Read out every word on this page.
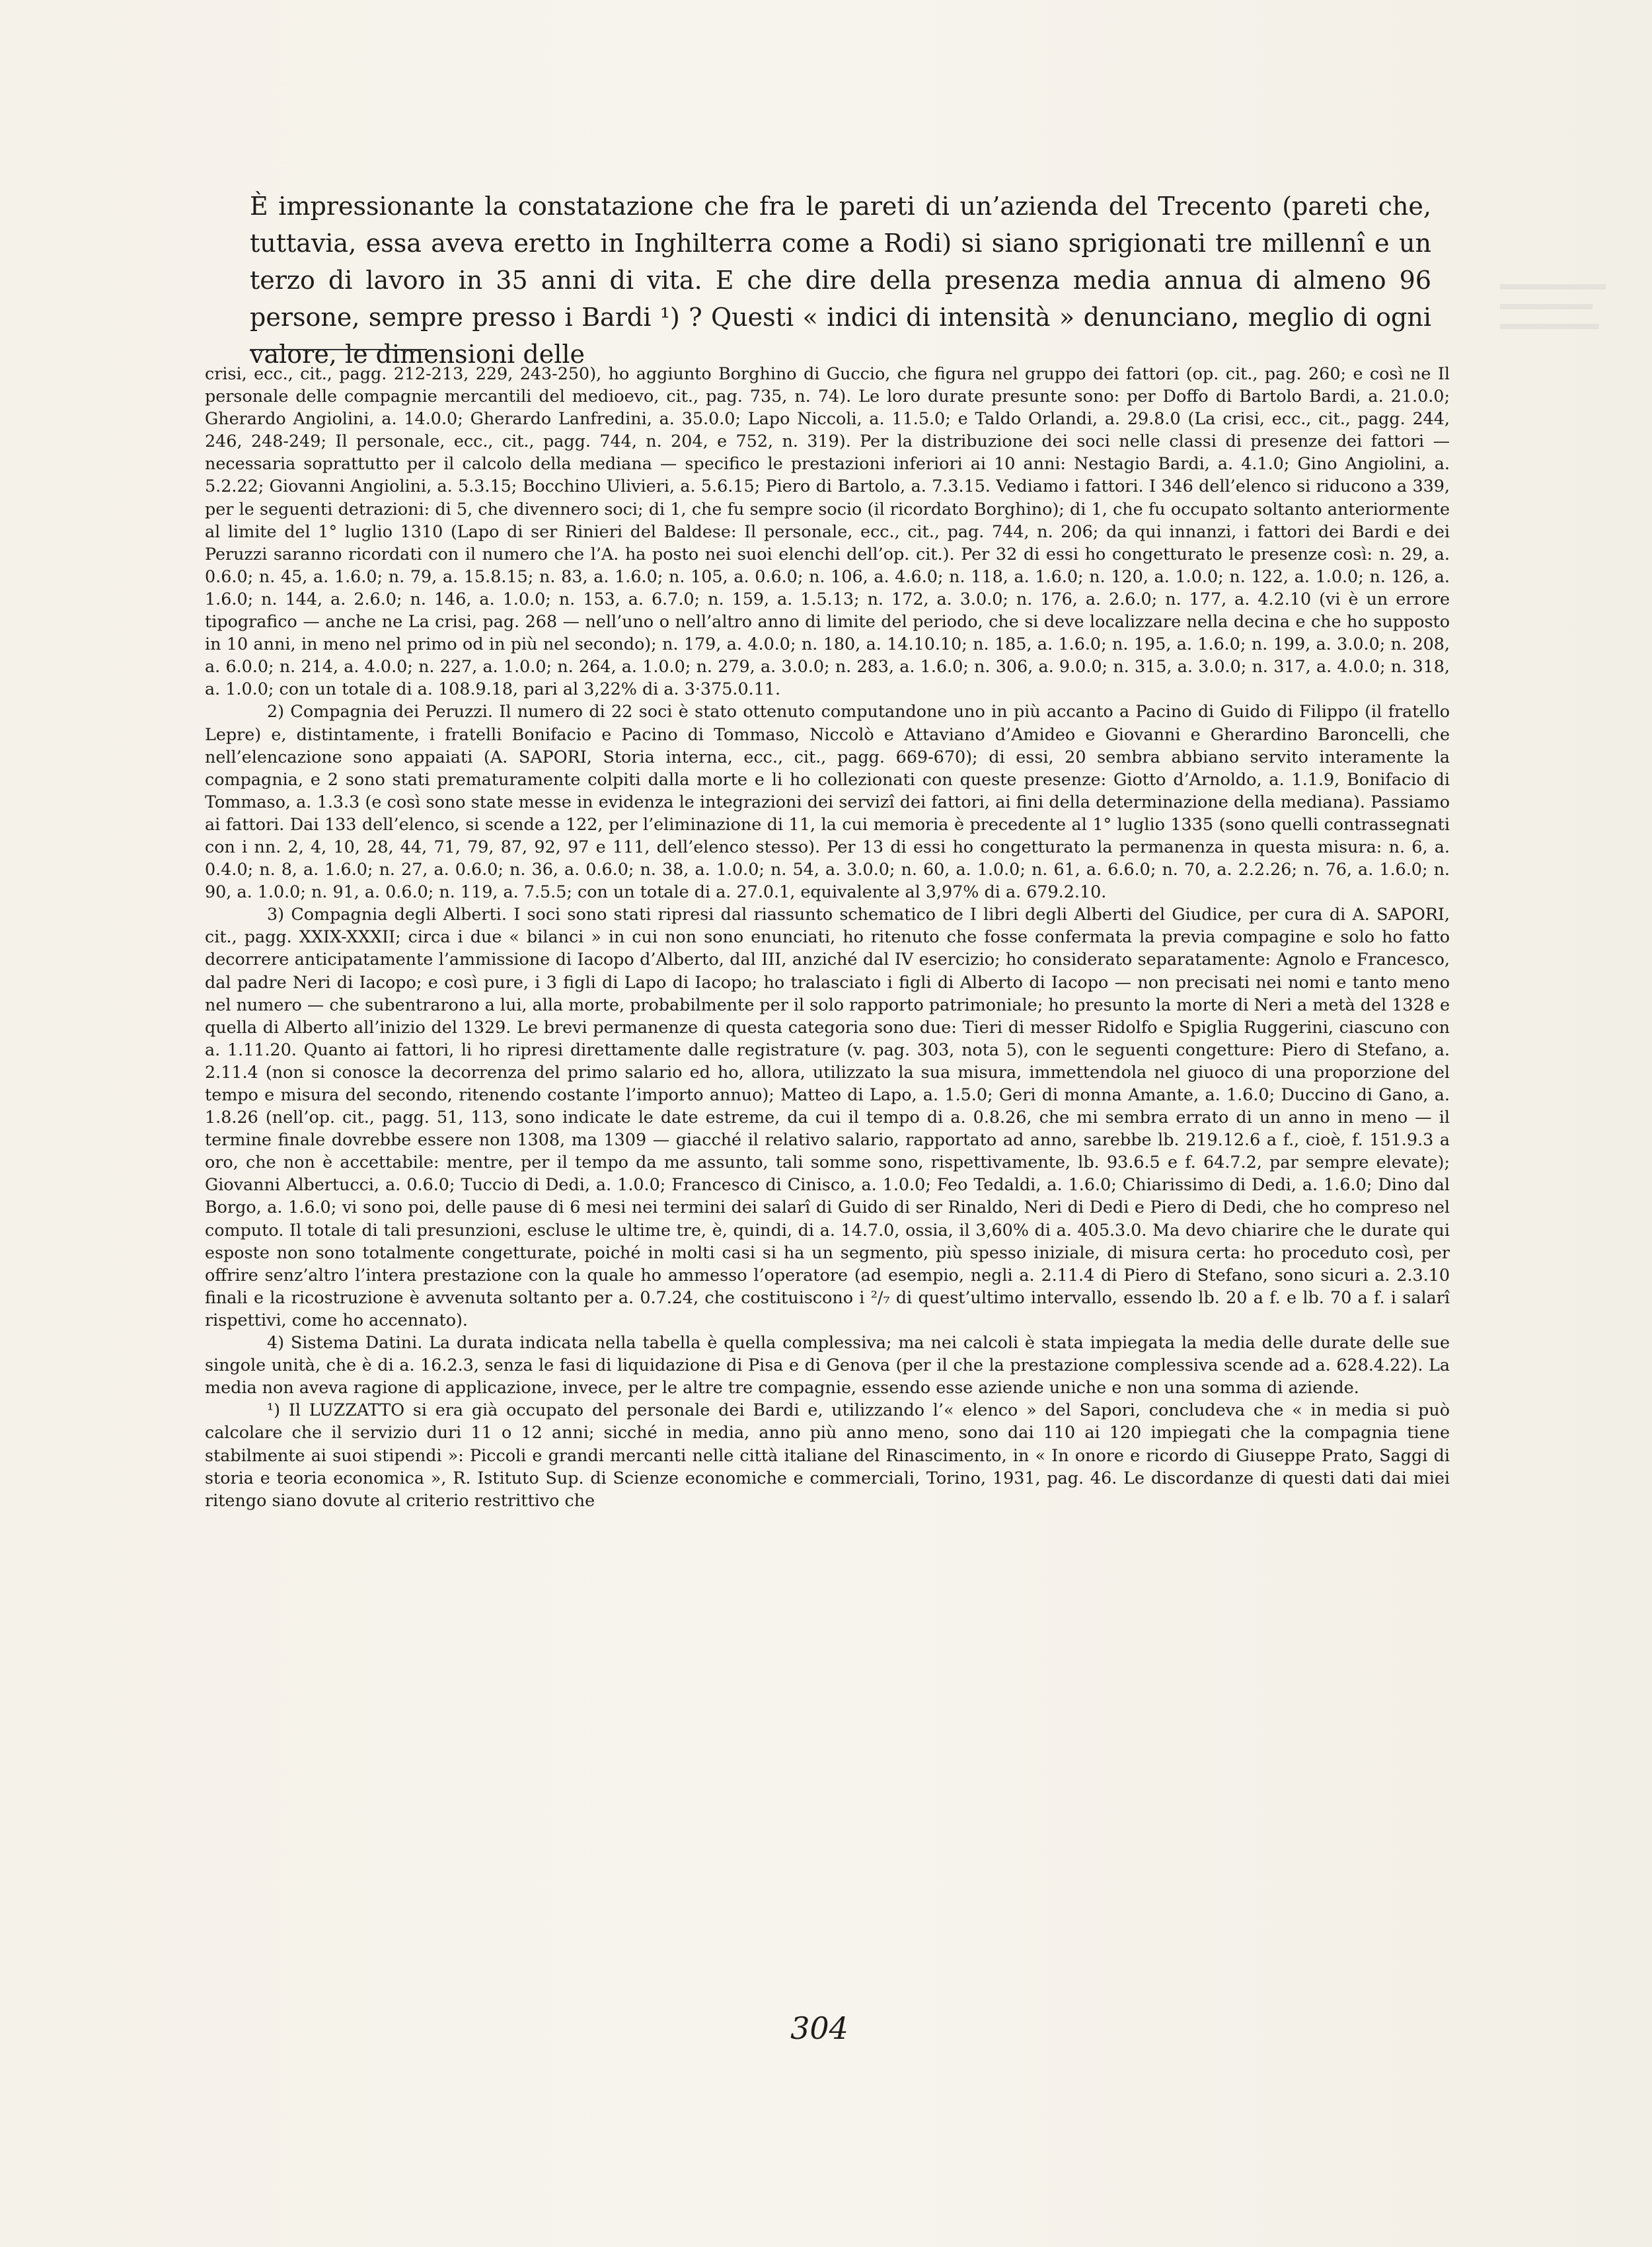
È impressionante la constatazione che fra le pareti di un’azienda del Trecento (pareti che, tuttavia, essa aveva eretto in Inghilterra come a Rodi) si siano sprigionati tre millennî e un terzo di lavoro in 35 anni di vita. E che dire della presenza media annua di almeno 96 persone, sempre presso i Bardi ¹) ? Questi « indici di intensità » denunciano, meglio di ogni valore, le dimensioni delle

crisi, ecc., cit., pagg. 212-213, 229, 243-250), ho aggiunto Borghino di Guccio, che figura nel gruppo dei fattori (op. cit., pag. 260; e così ne Il personale delle compagnie mercantili del medioevo, cit., pag. 735, n. 74). Le loro durate presunte sono: per Doffo di Bartolo Bardi, a. 21.0.0; Gherardo Angiolini, a. 14.0.0; Gherardo Lanfredini, a. 35.0.0; Lapo Niccoli, a. 11.5.0; e Taldo Orlandi, a. 29.8.0 (La crisi, ecc., cit., pagg. 244, 246, 248-249; Il personale, ecc., cit., pagg. 744, n. 204, e 752, n. 319). Per la distribuzione dei soci nelle classi di presenze dei fattori — necessaria soprattutto per il calcolo della mediana — specifico le prestazioni inferiori ai 10 anni: Nestagio Bardi, a. 4.1.0; Gino Angiolini, a. 5.2.22; Giovanni Angiolini, a. 5.3.15; Bocchino Ulivieri, a. 5.6.15; Piero di Bartolo, a. 7.3.15. Vediamo i fattori. I 346 dell’elenco si riducono a 339, per le seguenti detrazioni: di 5, che divennero soci; di 1, che fu sempre socio (il ricordato Borghino); di 1, che fu occupato soltanto anteriormente al limite del 1° luglio 1310 (Lapo di ser Rinieri del Baldese: Il personale, ecc., cit., pag. 744, n. 206; da qui innanzi, i fattori dei Bardi e dei Peruzzi saranno ricordati con il numero che l’A. ha posto nei suoi elenchi dell’op. cit.). Per 32 di essi ho congetturato le presenze così: n. 29, a. 0.6.0; n. 45, a. 1.6.0; n. 79, a. 15.8.15; n. 83, a. 1.6.0; n. 105, a. 0.6.0; n. 106, a. 4.6.0; n. 118, a. 1.6.0; n. 120, a. 1.0.0; n. 122, a. 1.0.0; n. 126, a. 1.6.0; n. 144, a. 2.6.0; n. 146, a. 1.0.0; n. 153, a. 6.7.0; n. 159, a. 1.5.13; n. 172, a. 3.0.0; n. 176, a. 2.6.0; n. 177, a. 4.2.10 (vi è un errore tipografico — anche ne La crisi, pag. 268 — nell’uno o nell’altro anno di limite del periodo, che si deve localizzare nella decina e che ho supposto in 10 anni, in meno nel primo od in più nel secondo); n. 179, a. 4.0.0; n. 180, a. 14.10.10; n. 185, a. 1.6.0; n. 195, a. 1.6.0; n. 199, a. 3.0.0; n. 208, a. 6.0.0; n. 214, a. 4.0.0; n. 227, a. 1.0.0; n. 264, a. 1.0.0; n. 279, a. 3.0.0; n. 283, a. 1.6.0; n. 306, a. 9.0.0; n. 315, a. 3.0.0; n. 317, a. 4.0.0; n. 318, a. 1.0.0; con un totale di a. 108.9.18, pari al 3,22% di a. 3·375.0.11.

2) Compagnia dei Peruzzi. Il numero di 22 soci è stato ottenuto computandone uno in più accanto a Pacino di Guido di Filippo (il fratello Lepre) e, distintamente, i fratelli Bonifacio e Pacino di Tommaso, Niccolò e Attaviano d’Amideo e Giovanni e Gherardino Baroncelli, che nell’elencazione sono appaiati (A. SAPORI, Storia interna, ecc., cit., pagg. 669-670); di essi, 20 sembra abbiano servito interamente la compagnia, e 2 sono stati prematuramente colpiti dalla morte e li ho collezionati con queste presenze: Giotto d’Arnoldo, a. 1.1.9, Bonifacio di Tommaso, a. 1.3.3 (e così sono state messe in evidenza le integrazioni dei servizî dei fattori, ai fini della determinazione della mediana). Passiamo ai fattori. Dai 133 dell’elenco, si scende a 122, per l’eliminazione di 11, la cui memoria è precedente al 1° luglio 1335 (sono quelli contrassegnati con i nn. 2, 4, 10, 28, 44, 71, 79, 87, 92, 97 e 111, dell’elenco stesso). Per 13 di essi ho congetturato la permanenza in questa misura: n. 6, a. 0.4.0; n. 8, a. 1.6.0; n. 27, a. 0.6.0; n. 36, a. 0.6.0; n. 38, a. 1.0.0; n. 54, a. 3.0.0; n. 60, a. 1.0.0; n. 61, a. 6.6.0; n. 70, a. 2.2.26; n. 76, a. 1.6.0; n. 90, a. 1.0.0; n. 91, a. 0.6.0; n. 119, a. 7.5.5; con un totale di a. 27.0.1, equivalente al 3,97% di a. 679.2.10.

3) Compagnia degli Alberti. I soci sono stati ripresi dal riassunto schematico de I libri degli Alberti del Giudice, per cura di A. SAPORI, cit., pagg. XXIX-XXXII; circa i due « bilanci » in cui non sono enunciati, ho ritenuto che fosse confermata la previa compagine e solo ho fatto decorrere anticipatamente l’ammissione di Iacopo d’Alberto, dal III, anziché dal IV esercizio; ho considerato separatamente: Agnolo e Francesco, dal padre Neri di Iacopo; e così pure, i 3 figli di Lapo di Iacopo; ho tralasciato i figli di Alberto di Iacopo — non precisati nei nomi e tanto meno nel numero — che subentrarono a lui, alla morte, probabilmente per il solo rapporto patrimoniale; ho presunto la morte di Neri a metà del 1328 e quella di Alberto all’inizio del 1329. Le brevi permanenze di questa categoria sono due: Tieri di messer Ridolfo e Spiglia Ruggerini, ciascuno con a. 1.11.20. Quanto ai fattori, li ho ripresi direttamente dalle registrature (v. pag. 303, nota 5), con le seguenti congetture: Piero di Stefano, a. 2.11.4 (non si conosce la decorrenza del primo salario ed ho, allora, utilizzato la sua misura, immettendola nel giuoco di una proporzione del tempo e misura del secondo, ritenendo costante l’importo annuo); Matteo di Lapo, a. 1.5.0; Geri di monna Amante, a. 1.6.0; Duccino di Gano, a. 1.8.26 (nell’op. cit., pagg. 51, 113, sono indicate le date estreme, da cui il tempo di a. 0.8.26, che mi sembra errato di un anno in meno — il termine finale dovrebbe essere non 1308, ma 1309 — giacché il relativo salario, rapportato ad anno, sarebbe lb. 219.12.6 a f., cioè, f. 151.9.3 a oro, che non è accettabile: mentre, per il tempo da me assunto, tali somme sono, rispettivamente, lb. 93.6.5 e f. 64.7.2, par sempre elevate); Giovanni Albertucci, a. 0.6.0; Tuccio di Dedi, a. 1.0.0; Francesco di Cinisco, a. 1.0.0; Feo Tedaldi, a. 1.6.0; Chiarissimo di Dedi, a. 1.6.0; Dino dal Borgo, a. 1.6.0; vi sono poi, delle pause di 6 mesi nei termini dei salarî di Guido di ser Rinaldo, Neri di Dedi e Piero di Dedi, che ho compreso nel computo. Il totale di tali presunzioni, escluse le ultime tre, è, quindi, di a. 14.7.0, ossia, il 3,60% di a. 405.3.0. Ma devo chiarire che le durate qui esposte non sono totalmente congetturate, poiché in molti casi si ha un segmento, più spesso iniziale, di misura certa: ho proceduto così, per offrire senz’altro l’intera prestazione con la quale ho ammesso l’operatore (ad esempio, negli a. 2.11.4 di Piero di Stefano, sono sicuri a. 2.3.10 finali e la ricostruzione è avvenuta soltanto per a. 0.7.24, che costituiscono i ²/₇ di quest’ultimo intervallo, essendo lb. 20 a f. e lb. 70 a f. i salarî rispettivi, come ho accennato).

4) Sistema Datini. La durata indicata nella tabella è quella complessiva; ma nei calcoli è stata impiegata la media delle durate delle sue singole unità, che è di a. 16.2.3, senza le fasi di liquidazione di Pisa e di Genova (per il che la prestazione complessiva scende ad a. 628.4.22). La media non aveva ragione di applicazione, invece, per le altre tre compagnie, essendo esse aziende uniche e non una somma di aziende.

¹) Il LUZZATTO si era già occupato del personale dei Bardi e, utilizzando l’« elenco » del Sapori, concludeva che « in media si può calcolare che il servizio duri 11 o 12 anni; sicché in media, anno più anno meno, sono dai 110 ai 120 impiegati che la compagnia tiene stabilmente ai suoi stipendi »: Piccoli e grandi mercanti nelle città italiane del Rinascimento, in « In onore e ricordo di Giuseppe Prato, Saggi di storia e teoria economica », R. Istituto Sup. di Scienze economiche e commerciali, Torino, 1931, pag. 46. Le discordanze di questi dati dai miei ritengo siano dovute al criterio restrittivo che

304
